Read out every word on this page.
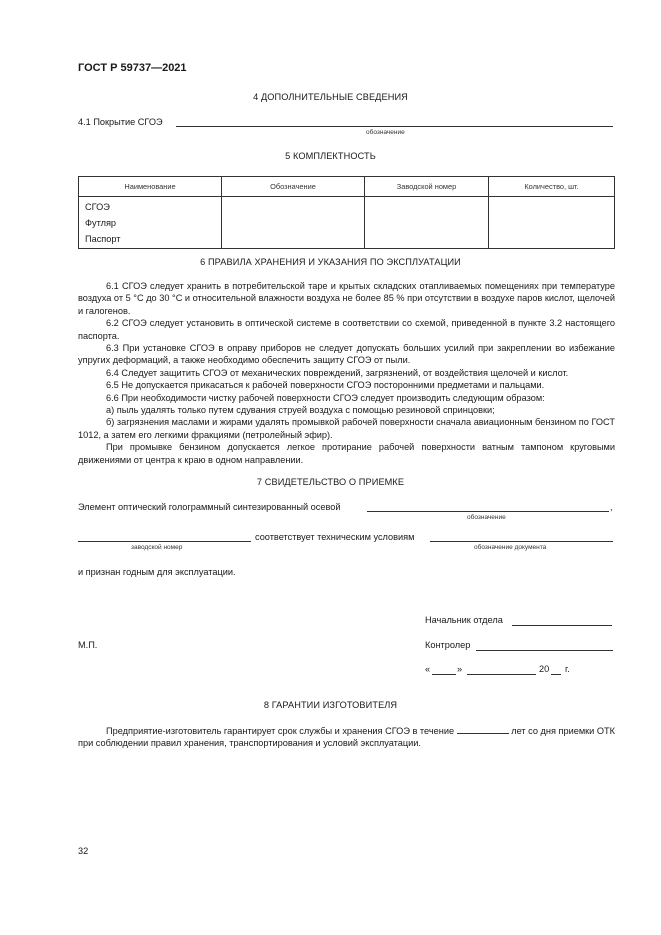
ГОСТ Р 59737—2021
4 ДОПОЛНИТЕЛЬНЫЕ СВЕДЕНИЯ
4.1 Покрытие СГОЭ
обозначение
5 КОМПЛЕКТНОСТЬ
Наименование	Обозначение	Заводской номер	Количество, шт.

СГОЭ
Футляр
Паспорт			

6 ПРАВИЛА ХРАНЕНИЯ И УКАЗАНИЯ ПО ЭКСПЛУАТАЦИИ
6.1 СГОЭ следует хранить в потребительской таре и крытых складских отапливаемых помещениях при температуре воздуха от 5 °С до 30 °С и относительной влажности воздуха не более 85 % при отсутствии в воздухе паров кислот, щелочей и галогенов.
6.2 СГОЭ следует установить в оптической системе в соответствии со схемой, приведенной в пункте 3.2 настоящего паспорта.
6.3 При установке СГОЭ в оправу приборов не следует допускать больших усилий при закреплении во избежание упругих деформаций, а также необходимо обеспечить защиту СГОЭ от пыли.
6.4 Следует защитить СГОЭ от механических повреждений, загрязнений, от воздействия щелочей и кислот.
6.5 Не допускается прикасаться к рабочей поверхности СГОЭ посторонними предметами и пальцами.
6.6 При необходимости чистку рабочей поверхности СГОЭ следует производить следующим образом:
а) пыль удалять только путем сдувания струей воздуха с помощью резиновой спринцовки;
б) загрязнения маслами и жирами удалять промывкой рабочей поверхности сначала авиационным бензином по ГОСТ 1012, а затем его легкими фракциями (петролейный эфир).
При промывке бензином допускается легкое протирание рабочей поверхности ватным тампоном круговыми движениями от центра к краю в одном направлении.
7 СВИДЕТЕЛЬСТВО О ПРИЕМКЕ
Элемент оптический голограммный синтезированный осевой	,
обозначение
соответствует техническим условиям
заводской номер	обозначение документа
и признан годным для эксплуатации.
Начальник отдела
М.П.	Контролер
«	»	20 г.
8 ГАРАНТИИ ИЗГОТОВИТЕЛЯ
Предприятие-изготовитель гарантирует срок службы и хранения СГОЭ в течение	лет со дня приемки ОТК при соблюдении правил хранения, транспортирования и условий эксплуатации.
32
